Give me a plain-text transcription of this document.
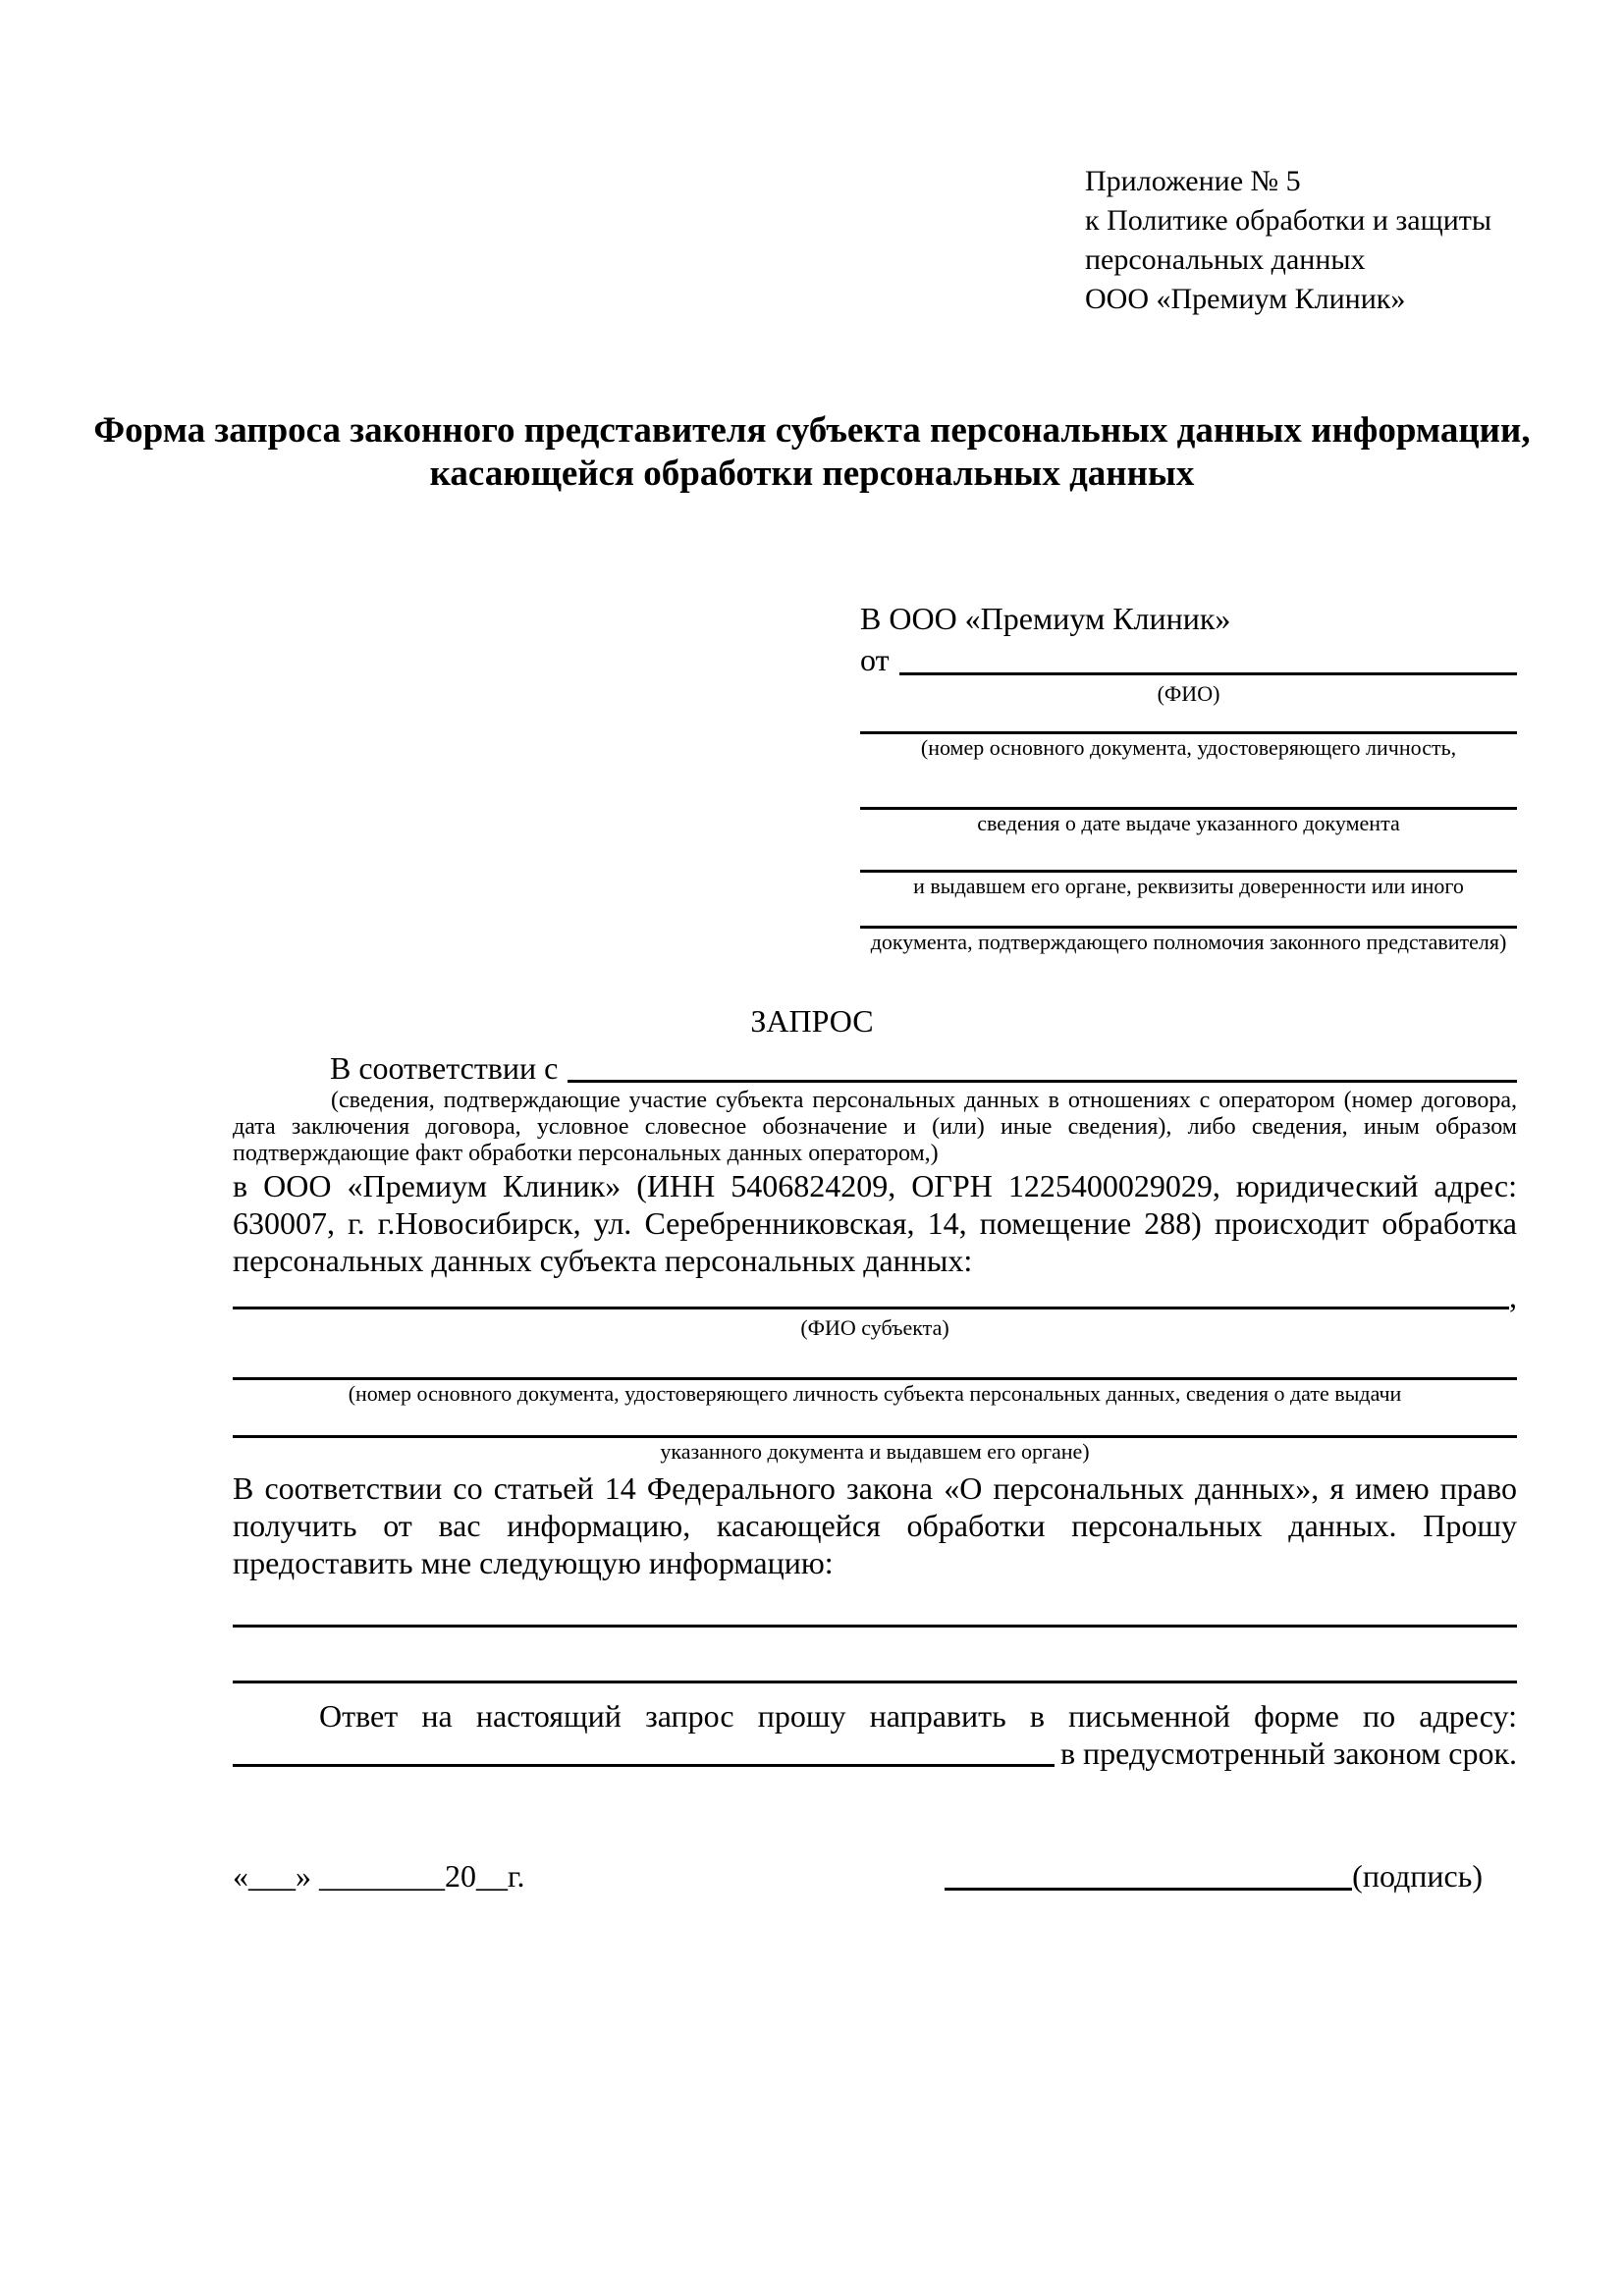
Приложение № 5
к Политике обработки и защиты
персональных данных
ООО «Премиум Клиник»
Форма запроса законного представителя субъекта персональных данных информации, касающейся обработки персональных данных
В ООО «Премиум Клиник»
от
(ФИО)
(номер основного документа, удостоверяющего личность,
сведения о дате выдаче указанного документа
и выдавшем его органе, реквизиты доверенности или иного
документа, подтверждающего полномочия законного представителя)
ЗАПРОС
В соответствии с
(сведения, подтверждающие участие субъекта персональных данных в отношениях с оператором (номер договора, дата заключения договора, условное словесное обозначение и (или) иные сведения), либо сведения, иным образом подтверждающие факт обработки персональных данных оператором,)
в ООО «Премиум Клиник» (ИНН 5406824209, ОГРН 1225400029029, юридический адрес: 630007, г. г.Новосибирск, ул. Серебренниковская, 14, помещение 288) происходит обработка персональных данных субъекта персональных данных:
,
(ФИО субъекта)
(номер основного документа, удостоверяющего личность субъекта персональных данных, сведения о дате выдачи
указанного документа и выдавшем его органе)
В соответствии со статьей 14 Федерального закона «О персональных данных», я имею право получить от вас информацию, касающейся обработки персональных данных. Прошу предоставить мне следующую информацию:
Ответ на настоящий запрос прошу направить в письменной форме по адресу:
в предусмотренный законом срок.
«___» ________20__г.	(подпись)
